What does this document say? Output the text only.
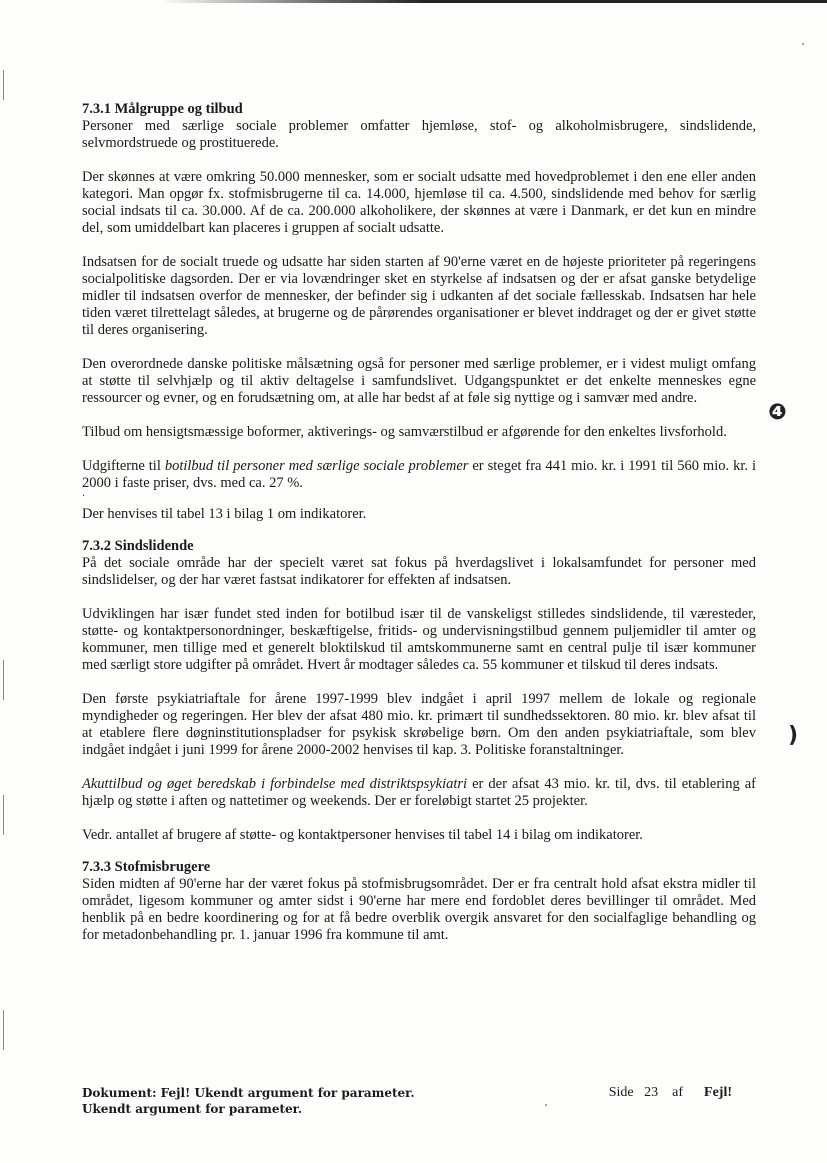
❹
)
7.3.1 Målgruppe og tilbud

Personer med særlige sociale problemer omfatter hjemløse, stof- og alkoholmisbrugere, sindslidende, selvmordstruede og prostituerede.

Der skønnes at være omkring 50.000 mennesker, som er socialt udsatte med hovedproblemet i den ene eller anden kategori. Man opgør fx. stofmisbrugerne til ca. 14.000, hjemløse til ca. 4.500, sindslidende med behov for særlig social indsats til ca. 30.000. Af de ca. 200.000 alkoholikere, der skønnes at være i Danmark, er det kun en mindre del, som umiddelbart kan placeres i gruppen af socialt udsatte.

Indsatsen for de socialt truede og udsatte har siden starten af 90'erne været en de højeste prioriteter på regeringens socialpolitiske dagsorden. Der er via lovændringer sket en styrkelse af indsatsen og der er afsat ganske betydelige midler til indsatsen overfor de mennesker, der befinder sig i udkanten af det sociale fællesskab. Indsatsen har hele tiden været tilrettelagt således, at brugerne og de pårørendes organisationer er blevet inddraget og der er givet støtte til deres organisering.

Den overordnede danske politiske målsætning også for personer med særlige problemer, er i videst muligt omfang at støtte til selvhjælp og til aktiv deltagelse i samfundslivet. Udgangspunktet er det enkelte menneskes egne ressourcer og evner, og en forudsætning om, at alle har bedst af at føle sig nyttige og i samvær med andre.

Tilbud om hensigtsmæssige boformer, aktiverings- og samværstilbud er afgørende for den enkeltes livsforhold.

Udgifterne til botilbud til personer med særlige sociale problemer er steget fra 441 mio. kr. i 1991 til 560 mio. kr. i 2000 i faste priser, dvs. med ca. 27 %.

‧

Der henvises til tabel 13 i bilag 1 om indikatorer.

7.3.2 Sindslidende

På det sociale område har der specielt været sat fokus på hverdagslivet i lokalsamfundet for personer med sindslidelser, og der har været fastsat indikatorer for effekten af indsatsen.

Udviklingen har især fundet sted inden for botilbud især til de vanskeligst stilledes sindslidende, til væresteder, støtte- og kontaktpersonordninger, beskæftigelse, fritids- og undervisningstilbud gennem puljemidler til amter og kommuner, men tillige med et generelt bloktilskud til amtskommunerne samt en central pulje til især kommuner med særligt store udgifter på området. Hvert år modtager således ca. 55 kommuner et tilskud til deres indsats.

Den første psykiatriaftale for årene 1997-1999 blev indgået i april 1997 mellem de lokale og regionale myndigheder og regeringen. Her blev der afsat 480 mio. kr. primært til sundhedssektoren. 80 mio. kr. blev afsat til at etablere flere døgninstitutionspladser for psykisk skrøbelige børn. Om den anden psykiatriaftale, som blev indgået indgået i juni 1999 for årene 2000-2002 henvises til kap. 3. Politiske foranstaltninger.

Akuttilbud og øget beredskab i forbindelse med distriktspsykiatri er der afsat 43 mio. kr. til, dvs. til etablering af hjælp og støtte i aften og nattetimer og weekends. Der er foreløbigt startet 25 projekter.

Vedr. antallet af brugere af støtte- og kontaktpersoner henvises til tabel 14 i bilag om indikatorer.

7.3.3 Stofmisbrugere

Siden midten af 90'erne har der været fokus på stofmisbrugsområdet. Der er fra centralt hold afsat ekstra midler til området, ligesom kommuner og amter sidst i 90'erne har mere end fordoblet deres bevillinger til området. Med henblik på en bedre koordinering og for at få bedre overblik overgik ansvaret for den socialfaglige behandling og for metadonbehandling pr. 1. januar 1996 fra kommune til amt.

Dokument: Fejl! Ukendt argument for parameter.
Ukendt argument for parameter.
Side 23 af Fejl!
